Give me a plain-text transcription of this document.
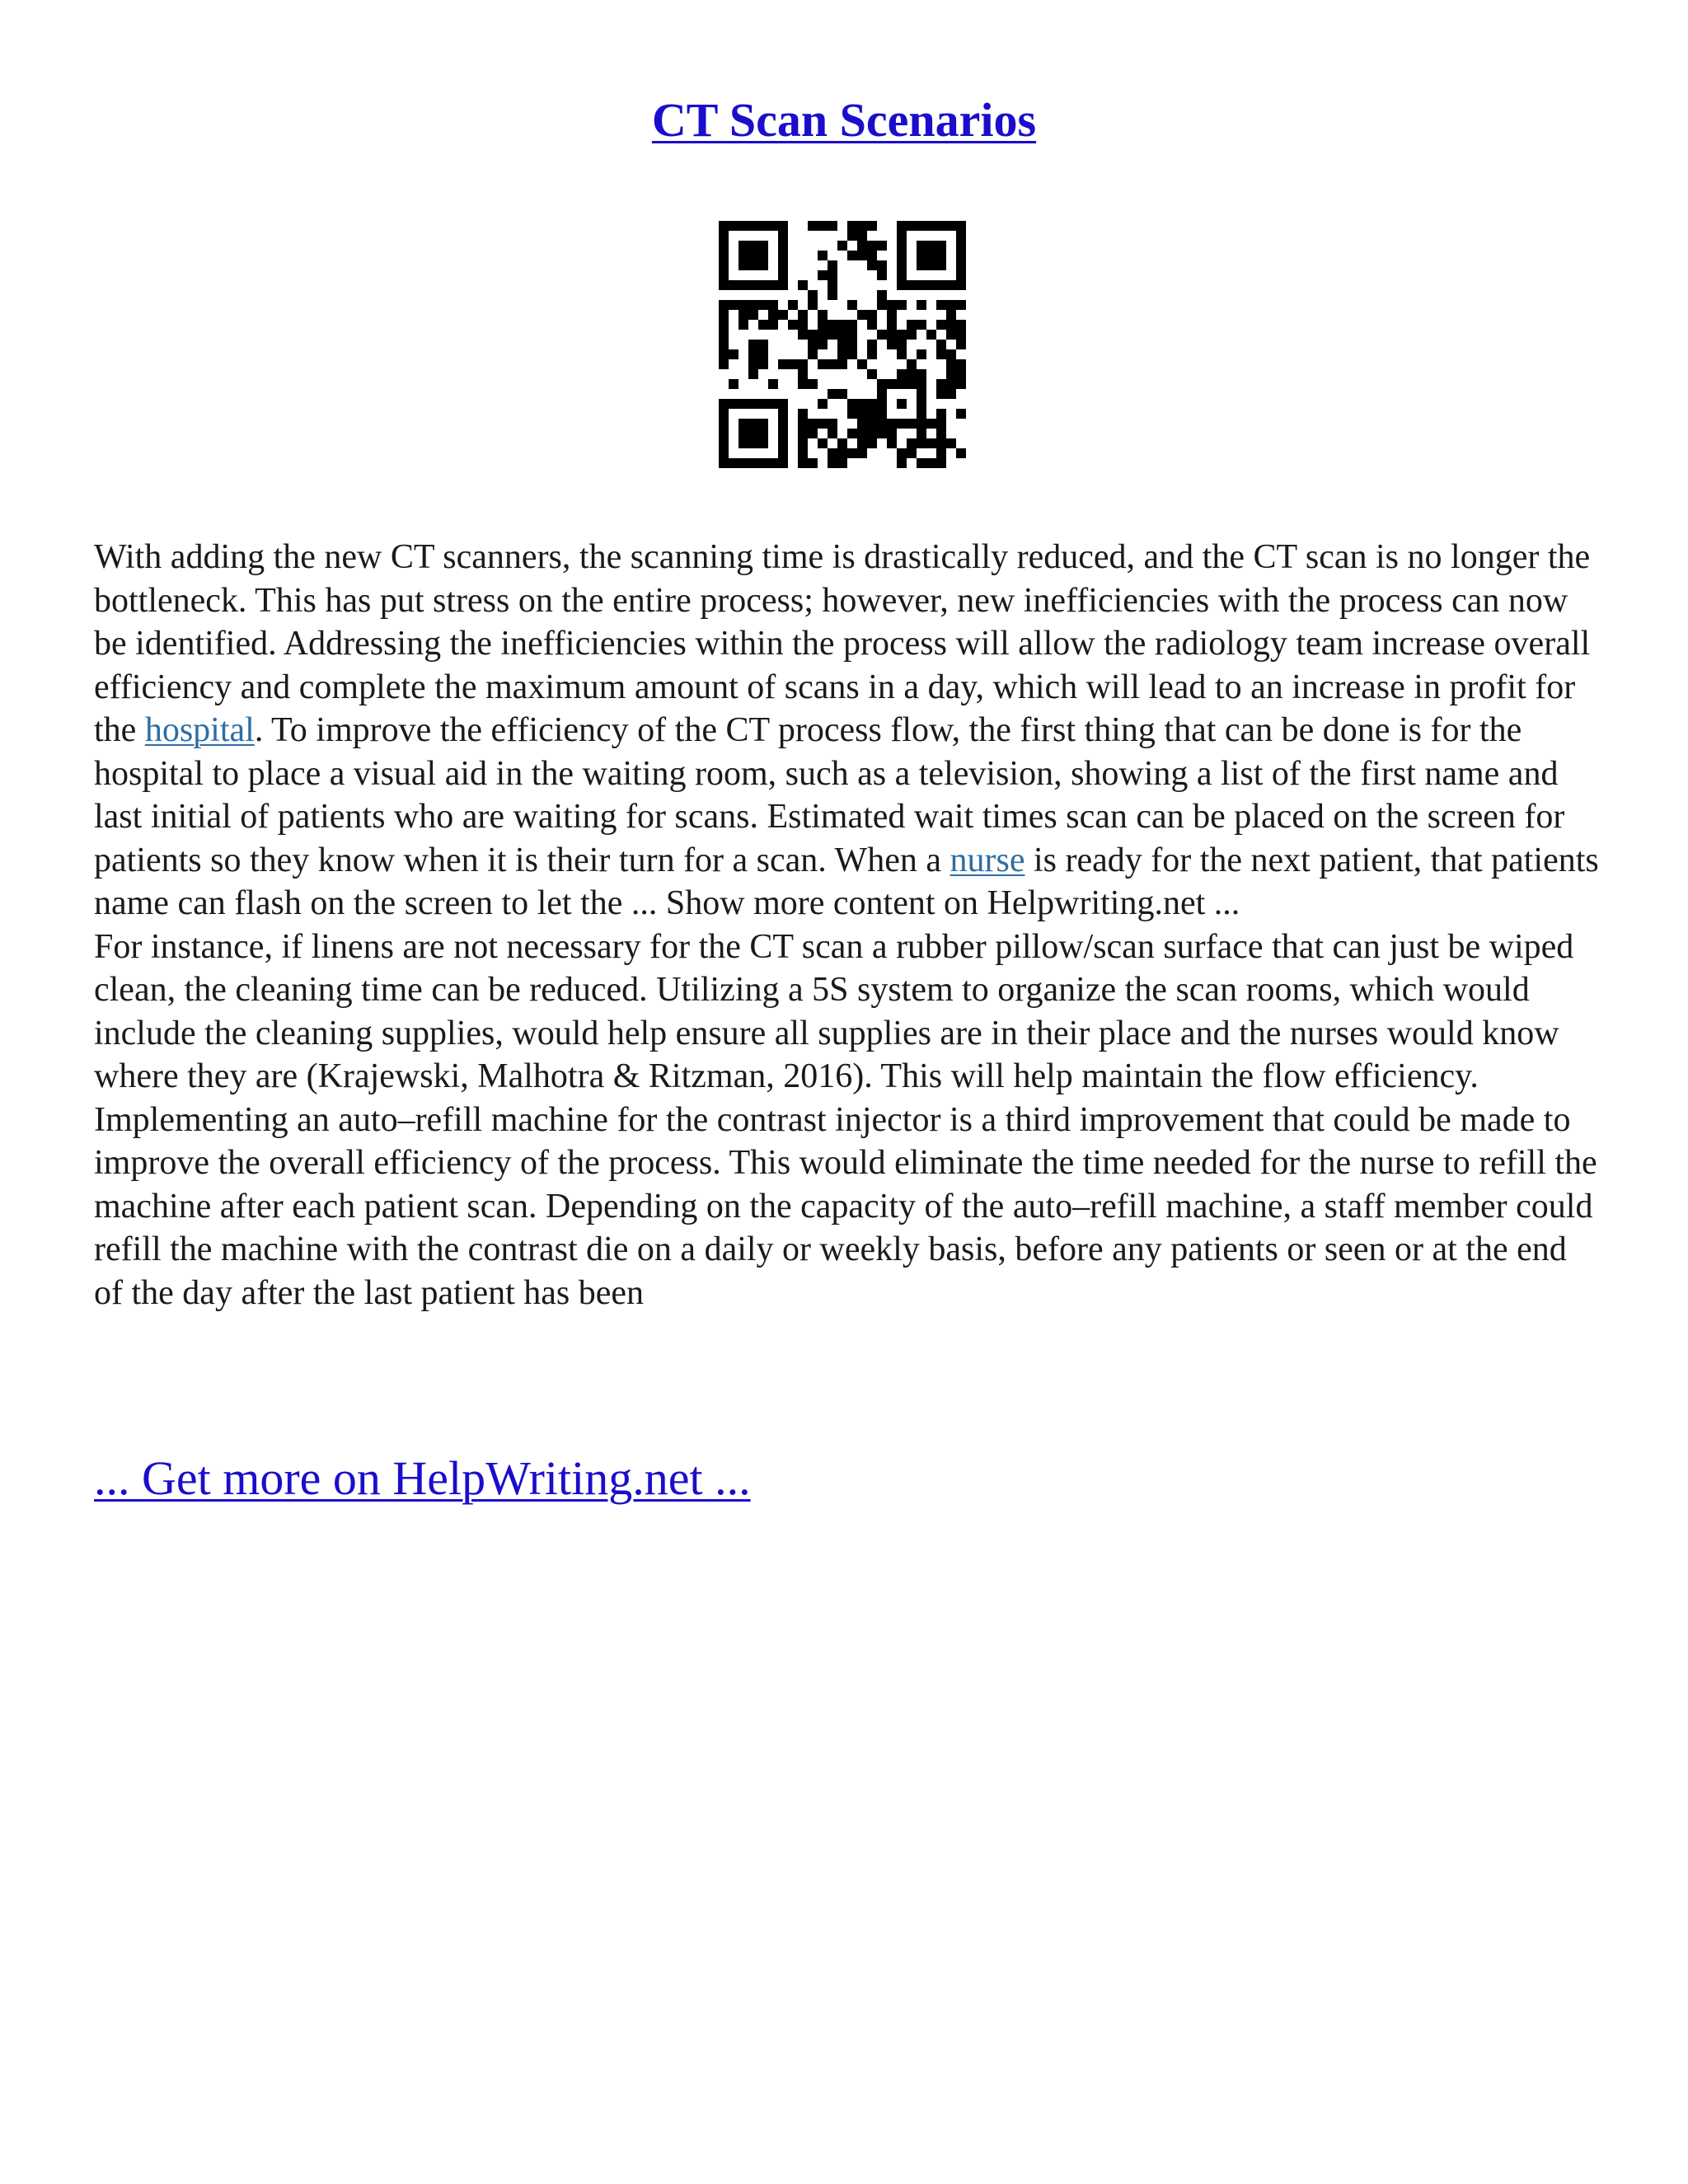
CT Scan Scenarios

With adding the new CT scanners, the scanning time is drastically reduced, and the CT scan is no longer the bottleneck. This has put stress on the entire process; however, new inefficiencies with the process can now be identified. Addressing the inefficiencies within the process will allow the radiology team increase overall efficiency and complete the maximum amount of scans in a day, which will lead to an increase in profit for the hospital. To improve the efficiency of the CT process flow, the first thing that can be done is for the hospital to place a visual aid in the waiting room, such as a television, showing a list of the first name and last initial of patients who are waiting for scans. Estimated wait times scan can be placed on the screen for patients so they know when it is their turn for a scan. When a nurse is ready for the next patient, that patients name can flash on the screen to let the ... Show more content on Helpwriting.net ...

For instance, if linens are not necessary for the CT scan a rubber pillow/scan surface that can just be wiped clean, the cleaning time can be reduced. Utilizing a 5S system to organize the scan rooms, which would include the cleaning supplies, would help ensure all supplies are in their place and the nurses would know where they are (Krajewski, Malhotra & Ritzman, 2016). This will help maintain the flow efficiency. Implementing an auto–refill machine for the contrast injector is a third improvement that could be made to improve the overall efficiency of the process. This would eliminate the time needed for the nurse to refill the machine after each patient scan. Depending on the capacity of the auto–refill machine, a staff member could refill the machine with the contrast die on a daily or weekly basis, before any patients or seen or at the end of the day after the last patient has been

... Get more on HelpWriting.net ...
